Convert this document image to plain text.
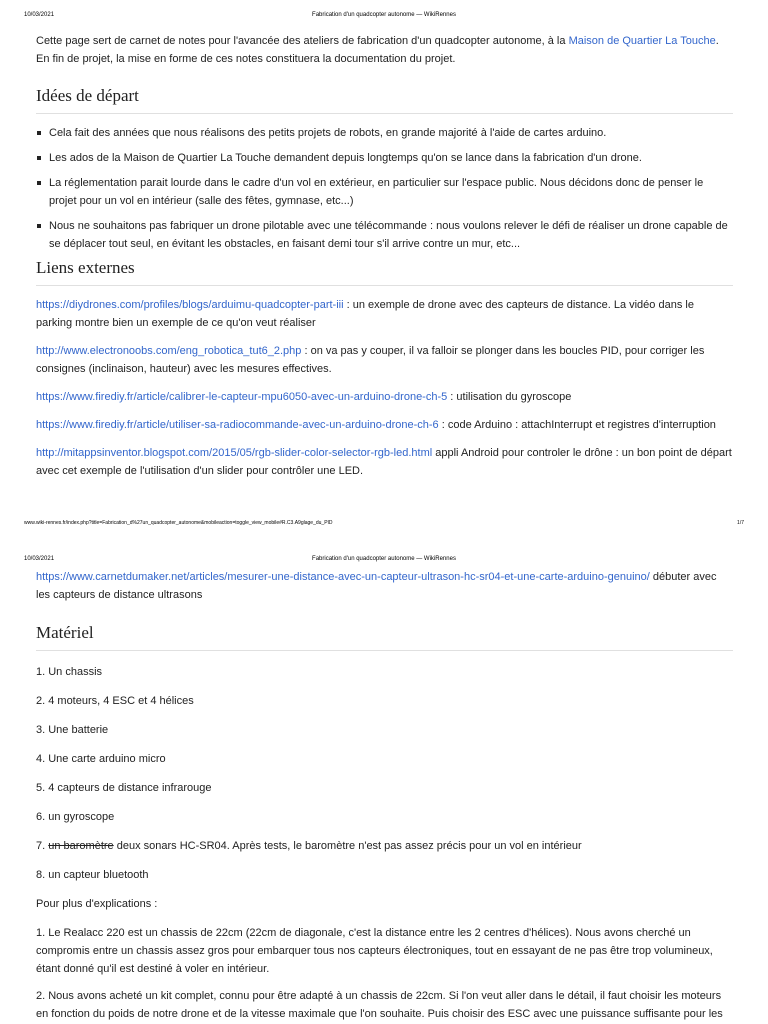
10/03/2021	Fabrication d'un quadcopter autonome — WikiRennes

Cette page sert de carnet de notes pour l'avancée des ateliers de fabrication d'un quadcopter autonome, à la Maison de Quartier La Touche. En fin de projet, la mise en forme de ces notes constituera la documentation du projet.

Idées de départ
Cela fait des années que nous réalisons des petits projets de robots, en grande majorité à l'aide de cartes arduino.
Les ados de la Maison de Quartier La Touche demandent depuis longtemps qu'on se lance dans la fabrication d'un drone.
La réglementation parait lourde dans le cadre d'un vol en extérieur, en particulier sur l'espace public. Nous décidons donc de penser le projet pour un vol en intérieur (salle des fêtes, gymnase, etc...)
Nous ne souhaitons pas fabriquer un drone pilotable avec une télécommande : nous voulons relever le défi de réaliser un drone capable de se déplacer tout seul, en évitant les obstacles, en faisant demi tour s'il arrive contre un mur, etc...
Liens externes

https://diydrones.com/profiles/blogs/arduimu-quadcopter-part-iii : un exemple de drone avec des capteurs de distance. La vidéo dans le parking montre bien un exemple de ce qu'on veut réaliser

http://www.electronoobs.com/eng_robotica_tut6_2.php : on va pas y couper, il va falloir se plonger dans les boucles PID, pour corriger les consignes (inclinaison, hauteur) avec les mesures effectives.

https://www.firediy.fr/article/calibrer-le-capteur-mpu6050-avec-un-arduino-drone-ch-5 : utilisation du gyroscope

https://www.firediy.fr/article/utiliser-sa-radiocommande-avec-un-arduino-drone-ch-6 : code Arduino : attachInterrupt et registres d'interruption

http://mitappsinventor.blogspot.com/2015/05/rgb-slider-color-selector-rgb-led.html appli Android pour controler le drône : un bon point de départ avec cet exemple de l'utilisation d'un slider pour contrôler une LED.

www.wiki-rennes.fr/index.php?title=Fabrication_d%27un_quadcopter_autonome&mobileaction=toggle_view_mobile#R.C3.A9glage_du_PID	1/7
10/03/2021	Fabrication d'un quadcopter autonome — WikiRennes

https://www.carnetdumaker.net/articles/mesurer-une-distance-avec-un-capteur-ultrason-hc-sr04-et-une-carte-arduino-genuino/ débuter avec les capteurs de distance ultrasons

Matériel

1. Un chassis

2. 4 moteurs, 4 ESC et 4 hélices

3. Une batterie

4. Une carte arduino micro

5. 4 capteurs de distance infrarouge

6. un gyroscope

7. un baromètre deux sonars HC-SR04. Après tests, le baromètre n'est pas assez précis pour un vol en intérieur

8. un capteur bluetooth

Pour plus d'explications :

1. Le Realacc 220 est un chassis de 22cm (22cm de diagonale, c'est la distance entre les 2 centres d'hélices). Nous avons cherché un compromis entre un chassis assez gros pour embarquer tous nos capteurs électroniques, tout en essayant de ne pas être trop volumineux, étant donné qu'il est destiné à voler en intérieur.

2. Nous avons acheté un kit complet, connu pour être adapté à un chassis de 22cm. Si l'on veut aller dans le détail, il faut choisir les moteurs en fonction du poids de notre drone et de la vitesse maximale que l'on souhaite. Puis choisir des ESC avec une puissance suffisante pour les
